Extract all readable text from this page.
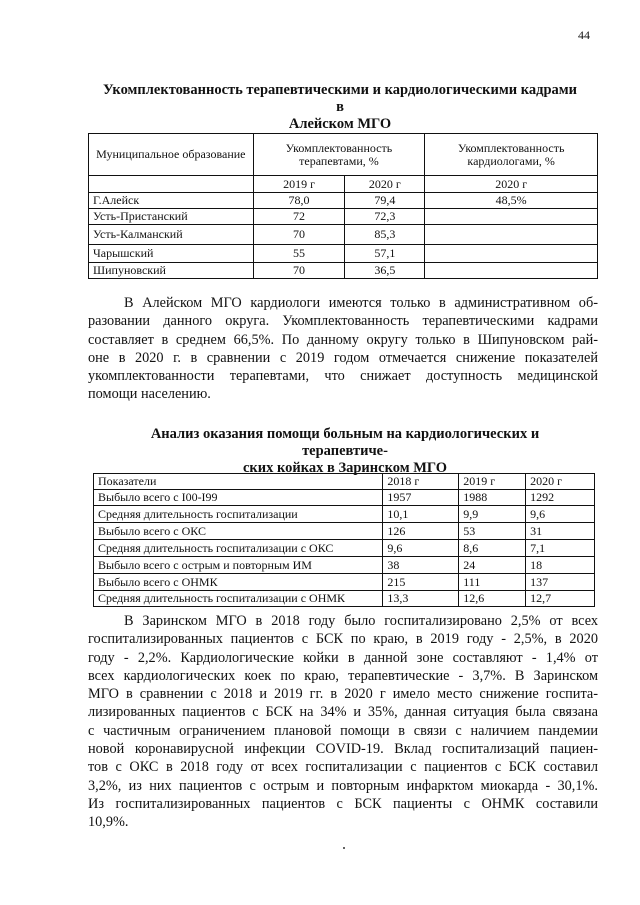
44
Укомплектованность терапевтическими и кардиологическими кадрами в
Алейском МГО
Муниципальное образование	Укомплектованность терапевтами, %		Укомплектованность кардиологами, %
	2019 г	2020 г	2020 г
Г.Алейск	78,0	79,4	48,5%
Усть-Пристанский	72	72,3	
Усть-Калманский	70	85,3	
Чарышский	55	57,1	
Шипуновский	70	36,5	
В Алейском МГО кардиологи имеются только в административном об-
разовании данного округа. Укомплектованность терапевтическими кадрами
составляет в среднем 66,5%. По данному округу только в Шипуновском рай-
оне в 2020 г. в сравнении с 2019 годом отмечается снижение показателей
укомплектованности терапевтами, что снижает доступность медицинской
помощи населению.
Анализ оказания помощи больным на кардиологических и терапевтиче-
ских койках в Заринском МГО
Показатели	2018 г	2019 г	2020 г
Выбыло всего с I00-I99	1957	1988	1292
Средняя длительность госпитализации	10,1	9,9	9,6
Выбыло всего с ОКС	126	53	31
Средняя длительность госпитализации с ОКС	9,6	8,6	7,1
Выбыло всего с острым и повторным ИМ	38	24	18
Выбыло всего с ОНМК	215	111	137
Средняя длительность госпитализации с ОНМК	13,3	12,6	12,7
В Заринском МГО в 2018 году было госпитализировано 2,5% от всех
госпитализированных пациентов с БСК по краю, в 2019 году - 2,5%, в 2020
году - 2,2%. Кардиологические койки в данной зоне составляют - 1,4% от
всех кардиологических коек по краю, терапевтические - 3,7%. В Заринском
МГО в сравнении с 2018 и 2019 гг. в 2020 г имело место снижение госпита-
лизированных пациентов с БСК на 34% и 35%, данная ситуация была связана
с частичным ограничением плановой помощи в связи с наличием пандемии
новой коронавирусной инфекции COVID-19. Вклад госпитализаций пациен-
тов с ОКС в 2018 году от всех госпитализации с пациентов с БСК составил
3,2%, из них пациентов с острым и повторным инфарктом миокарда - 30,1%.
Из госпитализированных пациентов с БСК пациенты с ОНМК составили
10,9%.
